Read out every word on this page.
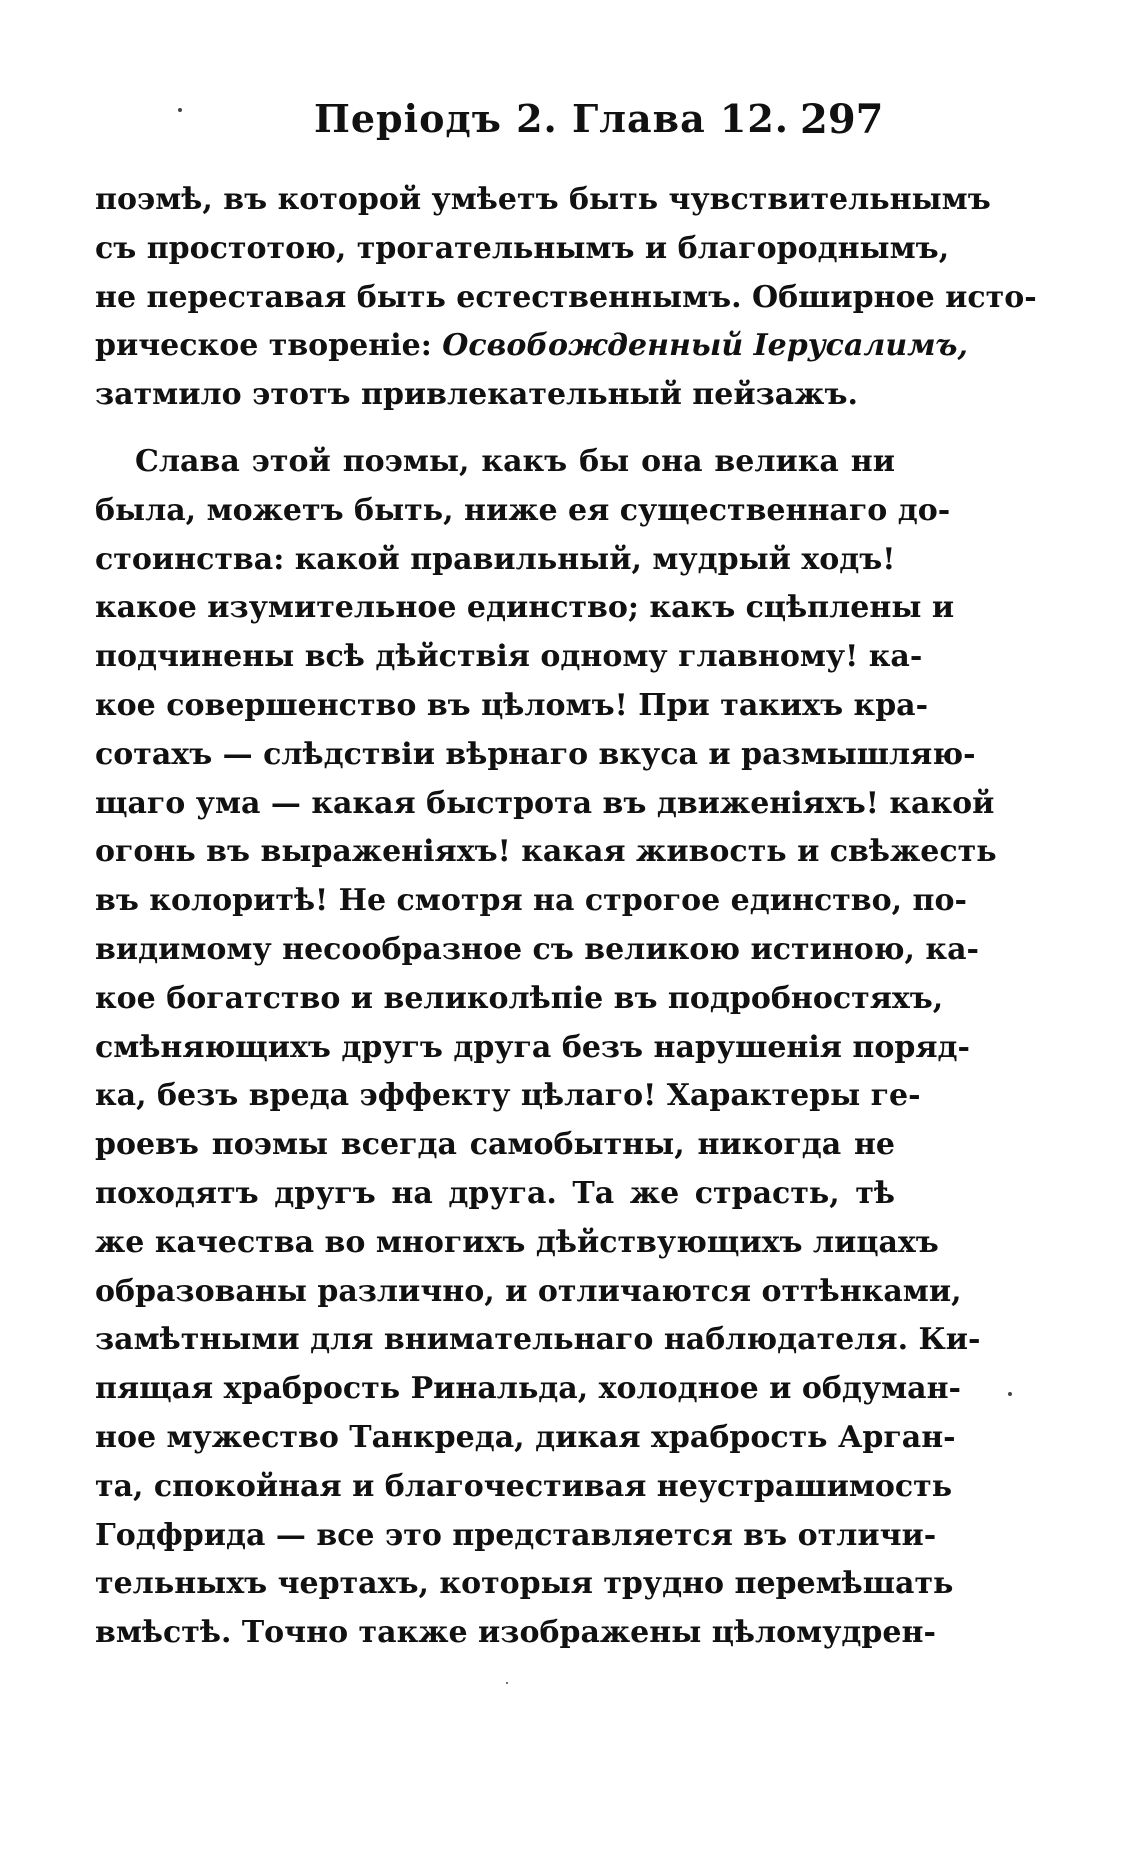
Періодъ 2. Глава 12. 297
поэмѣ, въ которой умѣетъ быть чувствительнымъ
съ простотою, трогательнымъ и благороднымъ,
не переставая быть естественнымъ. Обширное исто-
рическое твореніе: Освобожденный Іерусалимъ,
затмило этотъ привлекательный пейзажъ.
Слава этой поэмы, какъ бы она велика ни
была, можетъ быть, ниже ея существеннаго до-
стоинства: какой правильный, мудрый ходъ!
какое изумительное единство; какъ сцѣплены и
подчинены всѣ дѣйствія одному главному! ка-
кое совершенство въ цѣломъ! При такихъ кра-
сотахъ — слѣдствіи вѣрнаго вкуса и размышляю-
щаго ума — какая быстрота въ движеніяхъ! какой
огонь въ выраженіяхъ! какая живость и свѣжесть
въ колоритѣ! Не смотря на строгое единство, по-
видимому несообразное съ великою истиною, ка-
кое богатство и великолѣпіе въ подробностяхъ,
смѣняющихъ другъ друга безъ нарушенія поряд-
ка, безъ вреда эффекту цѣлаго! Характеры ге-
роевъ поэмы всегда самобытны, никогда не
походятъ другъ на друга. Та же страсть, тѣ
же качества во многихъ дѣйствующихъ лицахъ
образованы различно, и отличаются оттѣнками,
замѣтными для внимательнаго наблюдателя. Ки-
пящая храбрость Ринальда, холодное и обдуман-
ное мужество Танкреда, дикая храбрость Арган-
та, спокойная и благочестивая неустрашимость
Годфрида — все это представляется въ отличи-
тельныхъ чертахъ, которыя трудно перемѣшать
вмѣстѣ. Точно также изображены цѣломудрен-
